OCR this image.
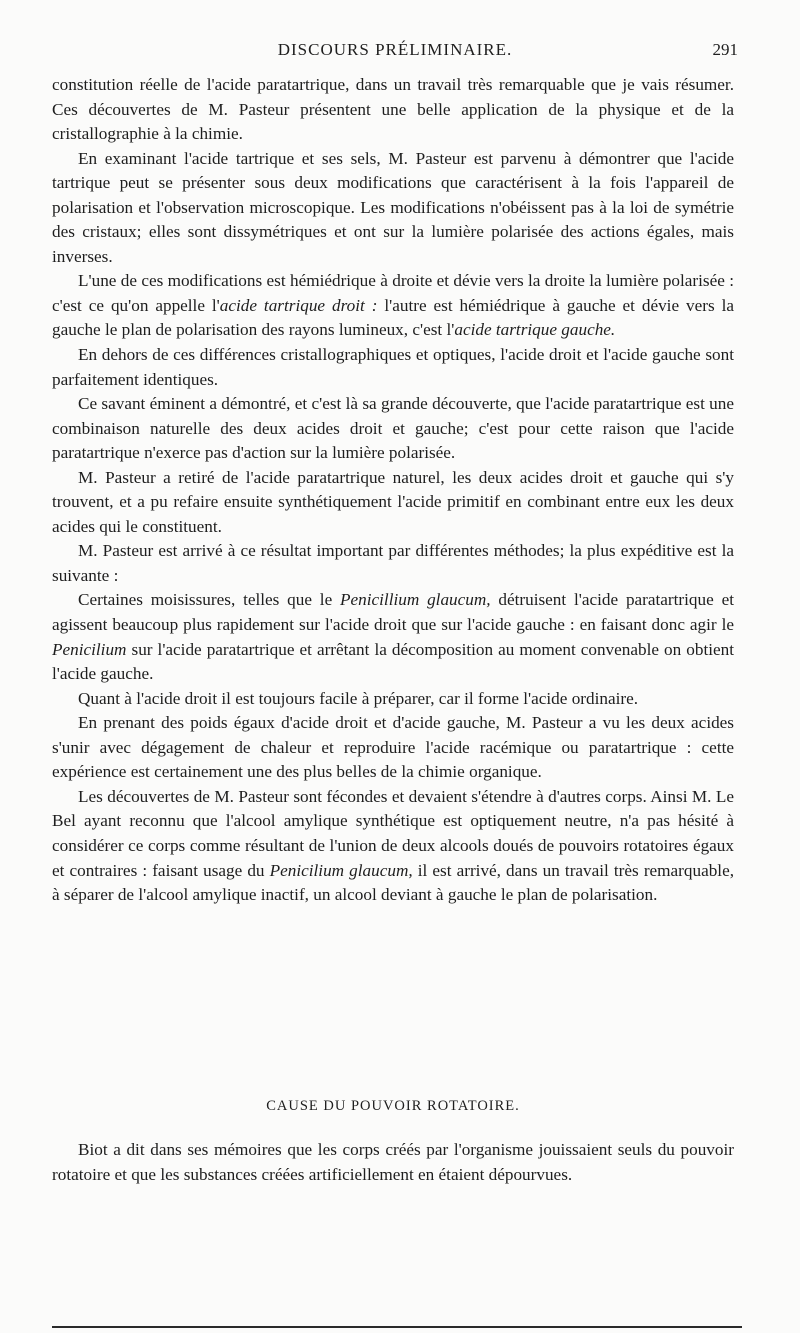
DISCOURS PRÉLIMINAIRE.	291

constitution réelle de l'acide paratartrique, dans un travail très remarquable que je vais résumer. Ces découvertes de M. Pasteur présentent une belle application de la physique et de la cristallographie à la chimie.

En examinant l'acide tartrique et ses sels, M. Pasteur est parvenu à démontrer que l'acide tartrique peut se présenter sous deux modifications que caractérisent à la fois l'appareil de polarisation et l'observation microscopique. Les modifications n'obéissent pas à la loi de symétrie des cristaux; elles sont dissymétriques et ont sur la lumière polarisée des actions égales, mais inverses.

L'une de ces modifications est hémiédrique à droite et dévie vers la droite la lumière polarisée : c'est ce qu'on appelle l'acide tartrique droit : l'autre est hémiédrique à gauche et dévie vers la gauche le plan de polarisation des rayons lumineux, c'est l'acide tartrique gauche.

En dehors de ces différences cristallographiques et optiques, l'acide droit et l'acide gauche sont parfaitement identiques.

Ce savant éminent a démontré, et c'est là sa grande découverte, que l'acide paratartrique est une combinaison naturelle des deux acides droit et gauche; c'est pour cette raison que l'acide paratartrique n'exerce pas d'action sur la lumière polarisée.

M. Pasteur a retiré de l'acide paratartrique naturel, les deux acides droit et gauche qui s'y trouvent, et a pu refaire ensuite synthétiquement l'acide primitif en combinant entre eux les deux acides qui le constituent.

M. Pasteur est arrivé à ce résultat important par différentes méthodes; la plus expéditive est la suivante :

Certaines moisissures, telles que le Penicillium glaucum, détruisent l'acide paratartrique et agissent beaucoup plus rapidement sur l'acide droit que sur l'acide gauche : en faisant donc agir le Penicilium sur l'acide paratartrique et arrêtant la décomposition au moment convenable on obtient l'acide gauche.

Quant à l'acide droit il est toujours facile à préparer, car il forme l'acide ordinaire.

En prenant des poids égaux d'acide droit et d'acide gauche, M. Pasteur a vu les deux acides s'unir avec dégagement de chaleur et reproduire l'acide racémique ou paratartrique : cette expérience est certainement une des plus belles de la chimie organique.

Les découvertes de M. Pasteur sont fécondes et devaient s'étendre à d'autres corps. Ainsi M. Le Bel ayant reconnu que l'alcool amylique synthétique est optiquement neutre, n'a pas hésité à considérer ce corps comme résultant de l'union de deux alcools doués de pouvoirs rotatoires égaux et contraires : faisant usage du Penicilium glaucum, il est arrivé, dans un travail très remarquable, à séparer de l'alcool amylique inactif, un alcool deviant à gauche le plan de polarisation.

CAUSE DU POUVOIR ROTATOIRE.

Biot a dit dans ses mémoires que les corps créés par l'organisme jouissaient seuls du pouvoir rotatoire et que les substances créées artificiellement en étaient dépourvues.
